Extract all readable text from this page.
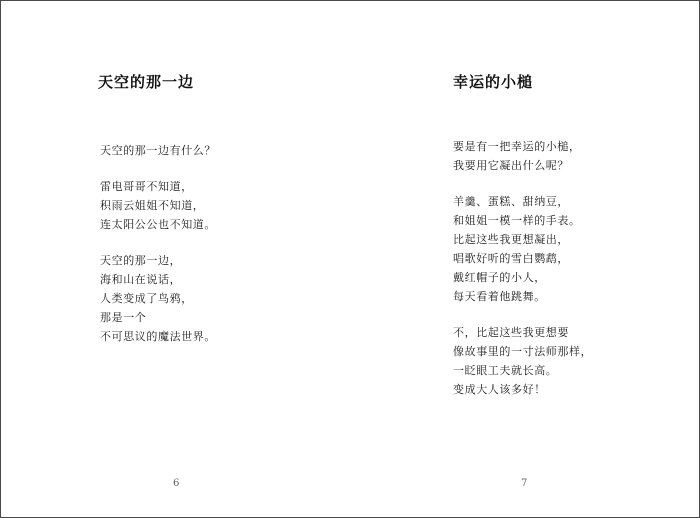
天空的那一边
天空的那一边有什么？
雷电哥哥不知道，
积雨云姐姐不知道，
连太阳公公也不知道。
天空的那一边，
海和山在说话，
人类变成了鸟鸦，
那是一个
不可思议的魔法世界。
6
幸运的小槌
要是有一把幸运的小槌，
我要用它凝出什么呢？
羊羹、蛋糕、甜纳豆，
和姐姐一模一样的手表。
比起这些我更想凝出，
唱歌好听的雪白鹦鹉，
戴红帽子的小人，
每天看着他跳舞。
不，比起这些我更想要
像故事里的一寸法师那样，
一眨眼工夫就长高。
变成大人该多好！
7
